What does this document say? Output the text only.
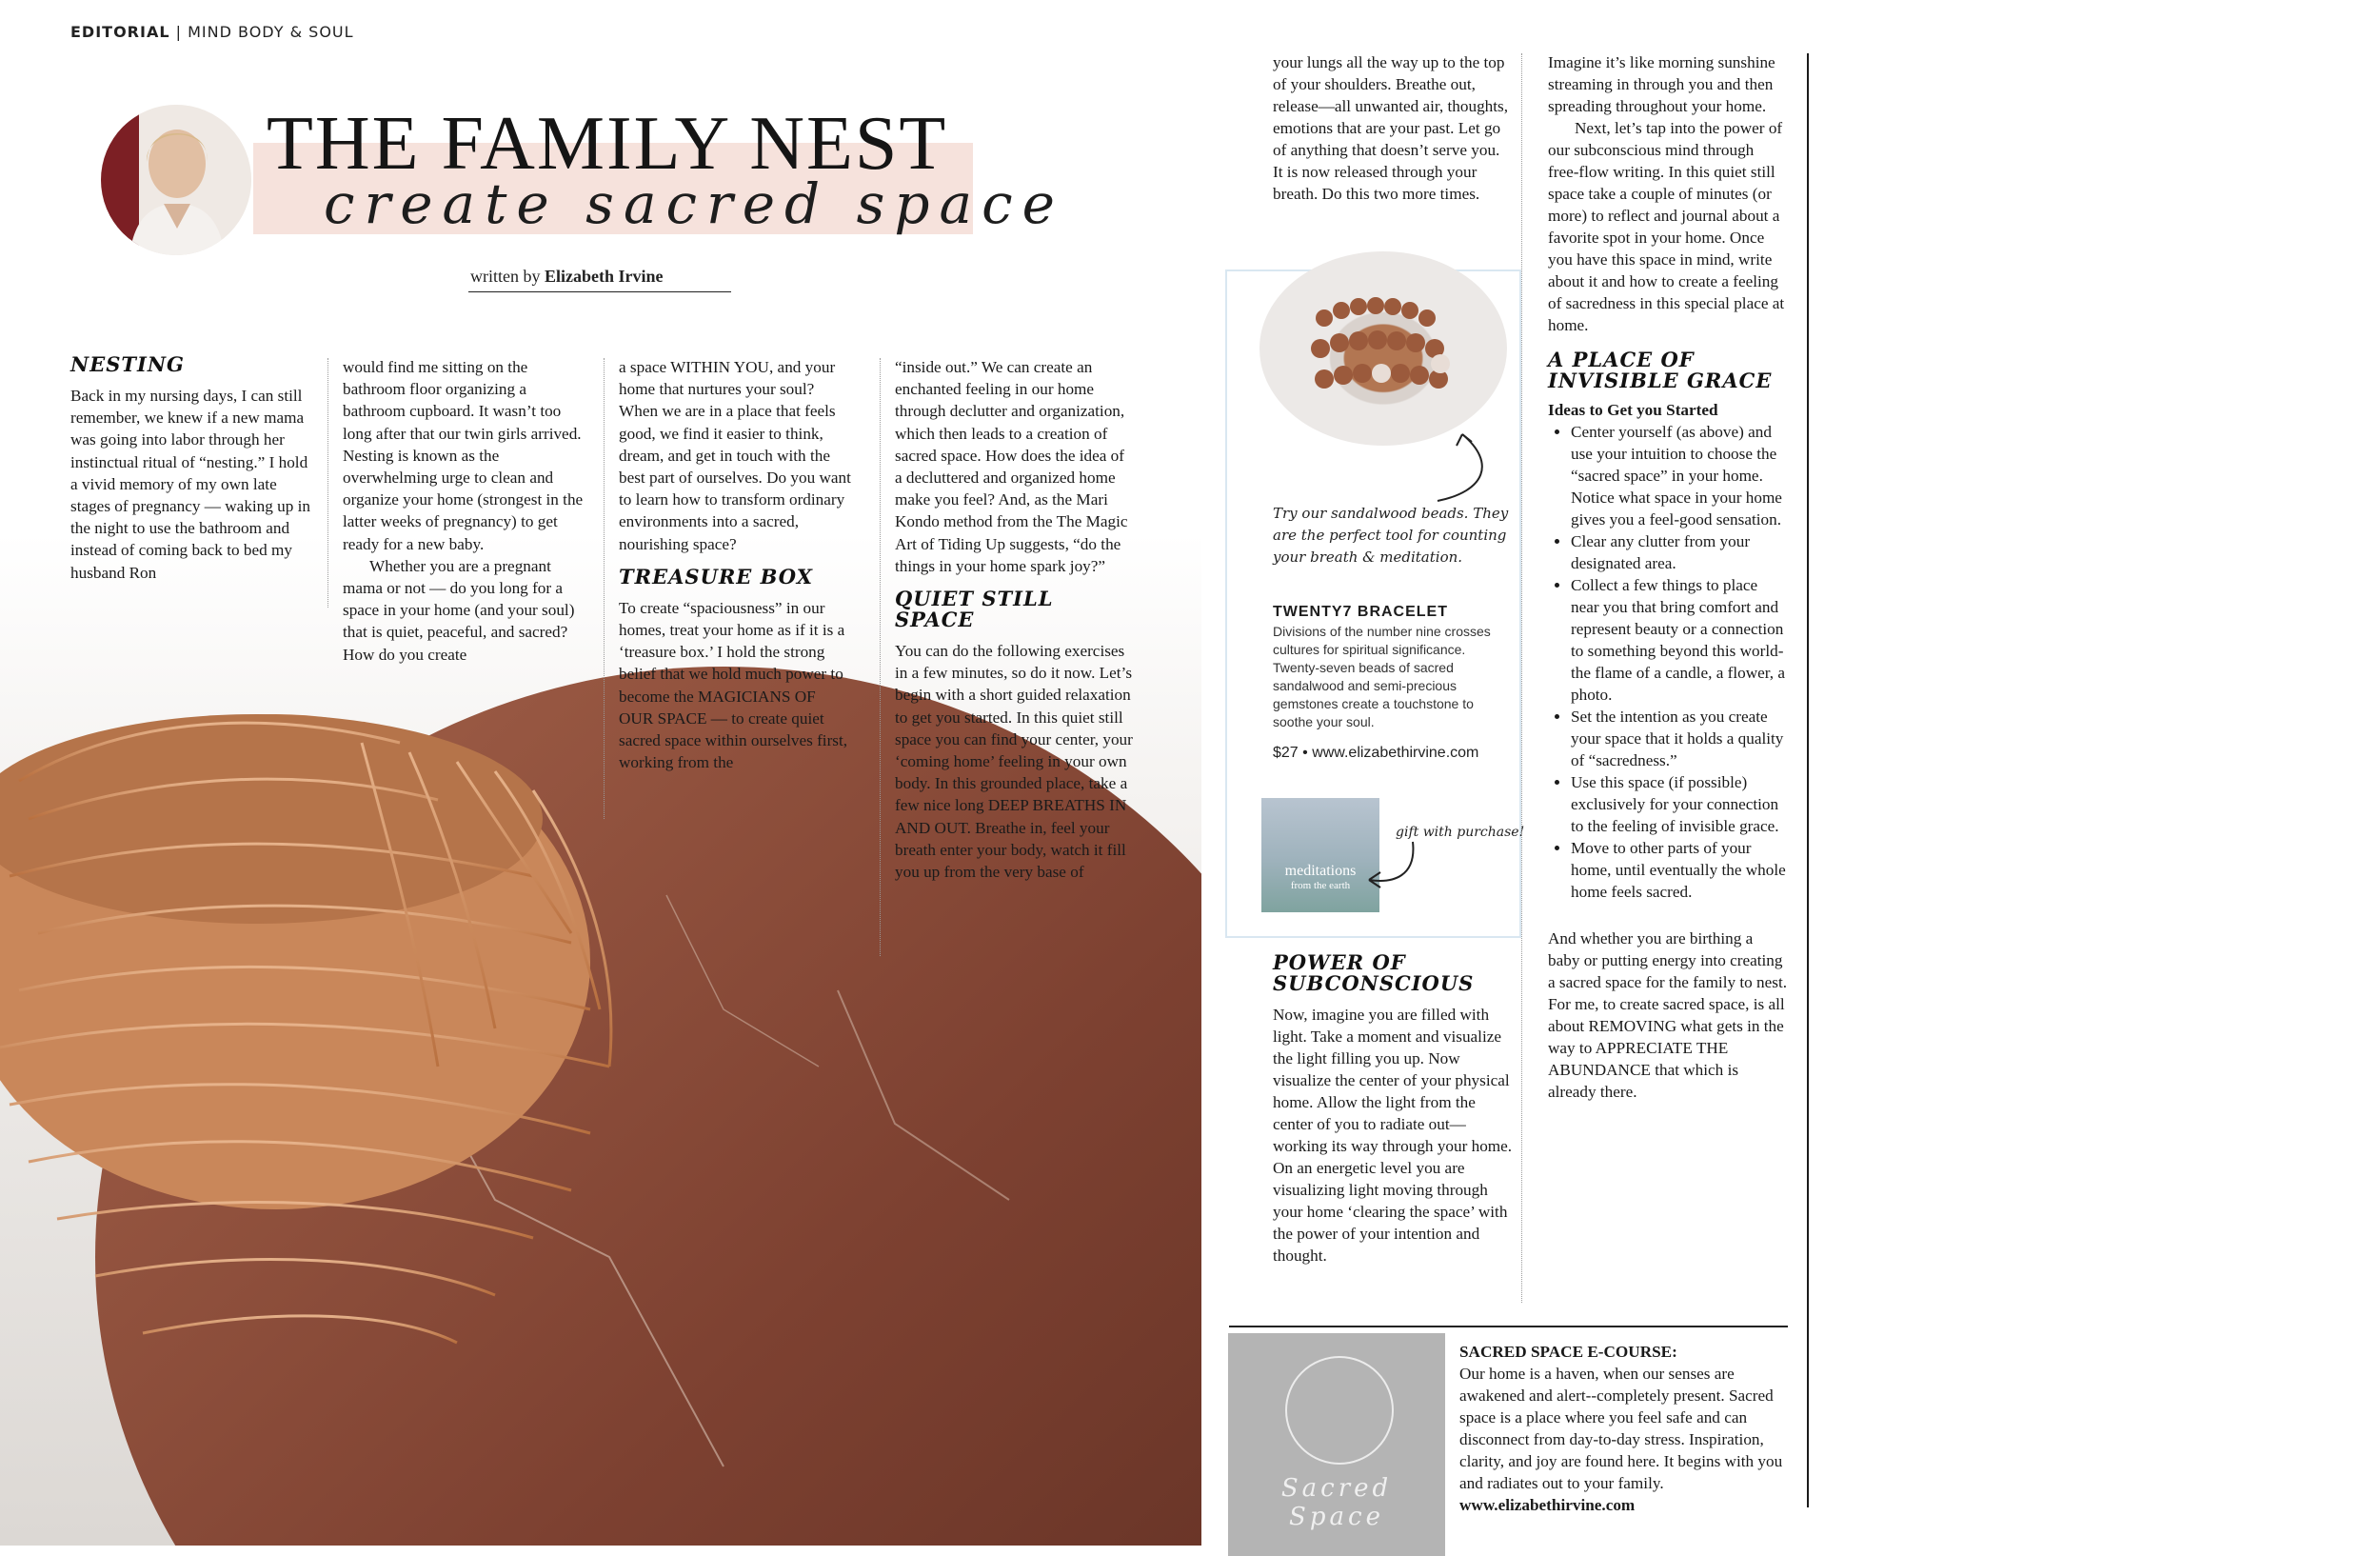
EDITORIAL | MIND BODY & SOUL
THE FAMILY NEST
create sacred space
written by Elizabeth Irvine
NESTING

Back in my nursing days, I can still remember, we knew if a new mama was going into labor through her instinctual ritual of “nesting.” I hold a vivid memory of my own late stages of pregnancy — waking up in the night to use the bathroom and instead of coming back to bed my husband Ron

would find me sitting on the bathroom floor organizing a bathroom cupboard. It wasn’t too long after that our twin girls arrived. Nesting is known as the overwhelming urge to clean and organize your home (strongest in the latter weeks of pregnancy) to get ready for a new baby.

Whether you are a pregnant mama or not — do you long for a space in your home (and your soul) that is quiet, peaceful, and sacred? How do you create

a space WITHIN YOU, and your home that nurtures your soul? When we are in a place that feels good, we find it easier to think, dream, and get in touch with the best part of ourselves. Do you want to learn how to transform ordinary environments into a sacred, nourishing space?

TREASURE BOX

To create “spaciousness” in our homes, treat your home as if it is a ‘treasure box.’ I hold the strong belief that we hold much power to become the MAGICIANS OF OUR SPACE — to create quiet sacred space within ourselves first, working from the

“inside out.” We can create an enchanted feeling in our home through declutter and organization, which then leads to a creation of sacred space. How does the idea of a decluttered and organized home make you feel? And, as the Mari Kondo method from the The Magic Art of Tiding Up suggests, “do the things in your home spark joy?”

QUIET STILL SPACE

You can do the following exercises in a few minutes, so do it now. Let’s begin with a short guided relaxation to get you started. In this quiet still space you can find your center, your ‘coming home’ feeling in your own body. In this grounded place, take a few nice long DEEP BREATHS IN AND OUT. Breathe in, feel your breath enter your body, watch it fill you up from the very base of

your lungs all the way up to the top of your shoulders. Breathe out, release—all unwanted air, thoughts, emotions that are your past. Let go of anything that doesn’t serve you. It is now released through your breath. Do this two more times.

Try our sandalwood beads. They are the perfect tool for counting your breath & meditation.
TWENTY7 BRACELET
Divisions of the number nine crosses cultures for spiritual significance. Twenty-seven beads of sacred sandalwood and semi-precious gemstones create a touchstone to soothe your soul.
$27 • www.elizabethirvine.com
meditations
from the earth
gift with purchase!
POWER OF SUBCONSCIOUS

Now, imagine you are filled with light. Take a moment and visualize the light filling you up. Now visualize the center of your physical home. Allow the light from the center of you to radiate out— working its way through your home. On an energetic level you are visualizing light moving through your home ‘clearing the space’ with the power of your intention and thought.

Imagine it’s like morning sunshine streaming in through you and then spreading throughout your home.

Next, let’s tap into the power of our subconscious mind through free-flow writing. In this quiet still space take a couple of minutes (or more) to reflect and journal about a favorite spot in your home. Once you have this space in mind, write about it and how to create a feeling of sacredness in this special place at home.

A PLACE OF INVISIBLE GRACE
Ideas to Get you Started
• Center yourself (as above) and use your intuition to choose the “sacred space” in your home. Notice what space in your home gives you a feel-good sensation.
• Clear any clutter from your designated area.
• Collect a few things to place near you that bring comfort and represent beauty or a connection to something beyond this world- the flame of a candle, a flower, a photo.
• Set the intention as you create your space that it holds a quality of “sacredness.”
• Use this space (if possible) exclusively for your connection to the feeling of invisible grace.
• Move to other parts of your home, until eventually the whole home feels sacred.

And whether you are birthing a baby or putting energy into creating a sacred space for the family to nest. For me, to create sacred space, is all about REMOVING what gets in the way to APPRECIATE THE ABUNDANCE that which is already there.

Sacred Space

SACRED SPACE E-COURSE:

Our home is a haven, when our senses are awakened and alert--completely present. Sacred space is a place where you feel safe and can disconnect from day-to-day stress. Inspiration, clarity, and joy are found here. It begins with you and radiates out to your family. www.elizabethirvine.com
